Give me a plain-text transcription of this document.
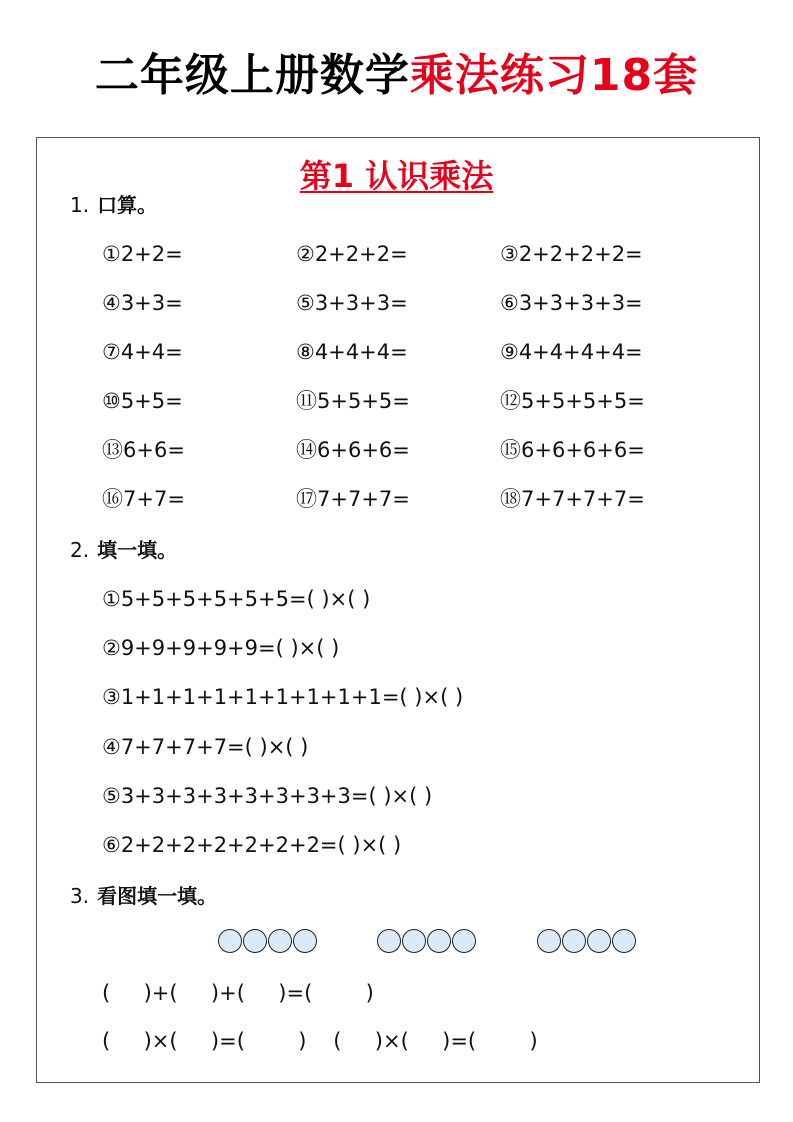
二年级上册数学乘法练习18套
第1 认识乘法
1. 口算。
①2+2=	②2+2+2=	③2+2+2+2=
④3+3=	⑤3+3+3=	⑥3+3+3+3=
⑦4+4=	⑧4+4+4=	⑨4+4+4+4=
⑩5+5=	⑪5+5+5=	⑫5+5+5+5=
⑬6+6=	⑭6+6+6=	⑮6+6+6+6=
⑯7+7=	⑰7+7+7=	⑱7+7+7+7=
2. 填一填。
①5+5+5+5+5+5=( )×( )
②9+9+9+9+9=( )×( )
③1+1+1+1+1+1+1+1+1=( )×( )
④7+7+7+7=( )×( )
⑤3+3+3+3+3+3+3+3=( )×( )
⑥2+2+2+2+2+2+2=( )×( )
3. 看图填一填。
(     )+(     )+(     )=(        )
(     )×(     )=(        )    (     )×(     )=(        )
